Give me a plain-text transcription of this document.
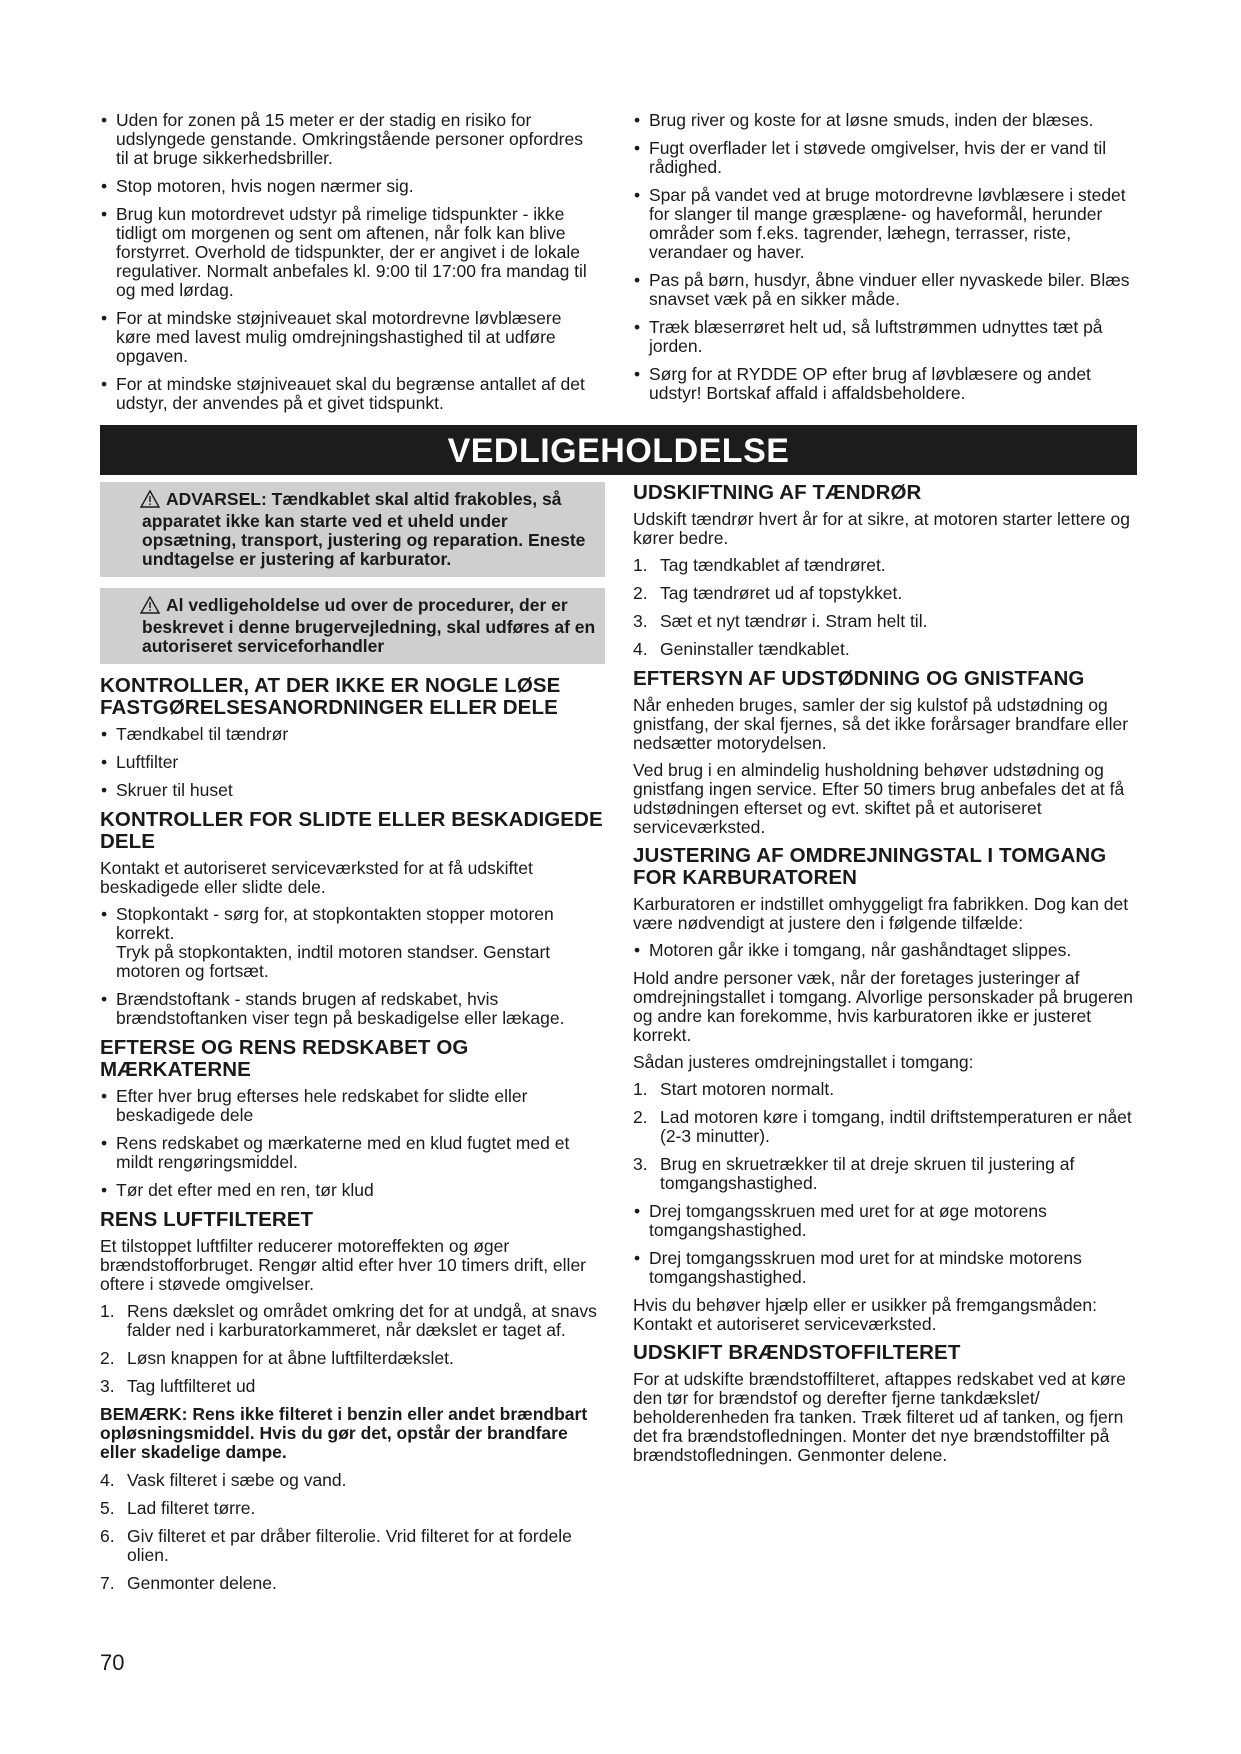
• Uden for zonen på 15 meter er der stadig en risiko for udslyngede genstande. Omkringstående personer opfordres til at bruge sikkerhedsbriller.
• Stop motoren, hvis nogen nærmer sig.
• Brug kun motordrevet udstyr på rimelige tidspunkter - ikke tidligt om morgenen og sent om aftenen, når folk kan blive forstyrret. Overhold de tidspunkter, der er angivet i de lokale regulativer. Normalt anbefales kl. 9:00 til 17:00 fra mandag til og med lørdag.
• For at mindske støjniveauet skal motordrevne løvblæsere køre med lavest mulig omdrejningshastighed til at udføre opgaven.
• For at mindske støjniveauet skal du begrænse antallet af det udstyr, der anvendes på et givet tidspunkt.
• Brug river og koste for at løsne smuds, inden der blæses.
• Fugt overflader let i støvede omgivelser, hvis der er vand til rådighed.
• Spar på vandet ved at bruge motordrevne løvblæsere i stedet for slanger til mange græsplæne- og haveformål, herunder områder som f.eks. tagrender, læhegn, terrasser, riste, verandaer og haver.
• Pas på børn, husdyr, åbne vinduer eller nyvaskede biler. Blæs snavset væk på en sikker måde.
• Træk blæserrøret helt ud, så luftstrømmen udnyttes tæt på jorden.
• Sørg for at RYDDE OP efter brug af løvblæsere og andet udstyr! Bortskaf affald i affaldsbeholdere.
VEDLIGEHOLDELSE
ADVARSEL: Tændkablet skal altid frakobles, så apparatet ikke kan starte ved et uheld under opsætning, transport, justering og reparation. Eneste undtagelse er justering af karburator.
Al vedligeholdelse ud over de procedurer, der er beskrevet i denne brugervejledning, skal udføres af en autoriseret serviceforhandler
KONTROLLER, AT DER IKKE ER NOGLE LØSE FASTGØRELSESANORDNINGER ELLER DELE
• Tændkabel til tændrør
• Luftfilter
• Skruer til huset
KONTROLLER FOR SLIDTE ELLER BESKADIGEDE DELE

Kontakt et autoriseret serviceværksted for at få udskiftet beskadigede eller slidte dele.

• Stopkontakt - sørg for, at stopkontakten stopper motoren korrekt.
Tryk på stopkontakten, indtil motoren standser. Genstart motoren og fortsæt.
• Brændstoftank - stands brugen af redskabet, hvis brændstoftanken viser tegn på beskadigelse eller lækage.
EFTERSE OG RENS REDSKABET OG MÆRKATERNE
• Efter hver brug efterses hele redskabet for slidte eller beskadigede dele
• Rens redskabet og mærkaterne med en klud fugtet med et mildt rengøringsmiddel.
• Tør det efter med en ren, tør klud
RENS LUFTFILTERET

Et tilstoppet luftfilter reducerer motoreffekten og øger brændstofforbruget. Rengør altid efter hver 10 timers drift, eller oftere i støvede omgivelser.

1. Rens dækslet og området omkring det for at undgå, at snavs falder ned i karburatorkammeret, når dækslet er taget af.
2. Løsn knappen for at åbne luftfilterdækslet.
3. Tag luftfilteret ud

BEMÆRK: Rens ikke filteret i benzin eller andet brændbart opløsningsmiddel. Hvis du gør det, opstår der brandfare eller skadelige dampe.

4. Vask filteret i sæbe og vand.
5. Lad filteret tørre.
6. Giv filteret et par dråber filterolie. Vrid filteret for at fordele olien.
7. Genmonter delene.
UDSKIFTNING AF TÆNDRØR

Udskift tændrør hvert år for at sikre, at motoren starter lettere og kører bedre.

1. Tag tændkablet af tændrøret.
2. Tag tændrøret ud af topstykket.
3. Sæt et nyt tændrør i. Stram helt til.
4. Geninstaller tændkablet.
EFTERSYN AF UDSTØDNING OG GNISTFANG

Når enheden bruges, samler der sig kulstof på udstødning og gnistfang, der skal fjernes, så det ikke forårsager brandfare eller nedsætter motorydelsen.

Ved brug i en almindelig husholdning behøver udstødning og gnistfang ingen service. Efter 50 timers brug anbefales det at få udstødningen efterset og evt. skiftet på et autoriseret serviceværksted.

JUSTERING AF OMDREJNINGSTAL I TOMGANG FOR KARBURATOREN

Karburatoren er indstillet omhyggeligt fra fabrikken. Dog kan det være nødvendigt at justere den i følgende tilfælde:

• Motoren går ikke i tomgang, når gashåndtaget slippes.

Hold andre personer væk, når der foretages justeringer af omdrejningstallet i tomgang. Alvorlige personskader på brugeren og andre kan forekomme, hvis karburatoren ikke er justeret korrekt.

Sådan justeres omdrejningstallet i tomgang:

1. Start motoren normalt.
2. Lad motoren køre i tomgang, indtil driftstemperaturen er nået (2-3 minutter).
3. Brug en skruetrækker til at dreje skruen til justering af tomgangshastighed.
• Drej tomgangsskruen med uret for at øge motorens tomgangshastighed.
• Drej tomgangsskruen mod uret for at mindske motorens tomgangshastighed.

Hvis du behøver hjælp eller er usikker på fremgangsmåden: Kontakt et autoriseret serviceværksted.

UDSKIFT BRÆNDSTOFFILTERET

For at udskifte brændstoffilteret, aftappes redskabet ved at køre den tør for brændstof og derefter fjerne tankdækslet/ beholderenheden fra tanken. Træk filteret ud af tanken, og fjern det fra brændstofledningen. Monter det nye brændstoffilter på brændstofledningen. Genmonter delene.

70
